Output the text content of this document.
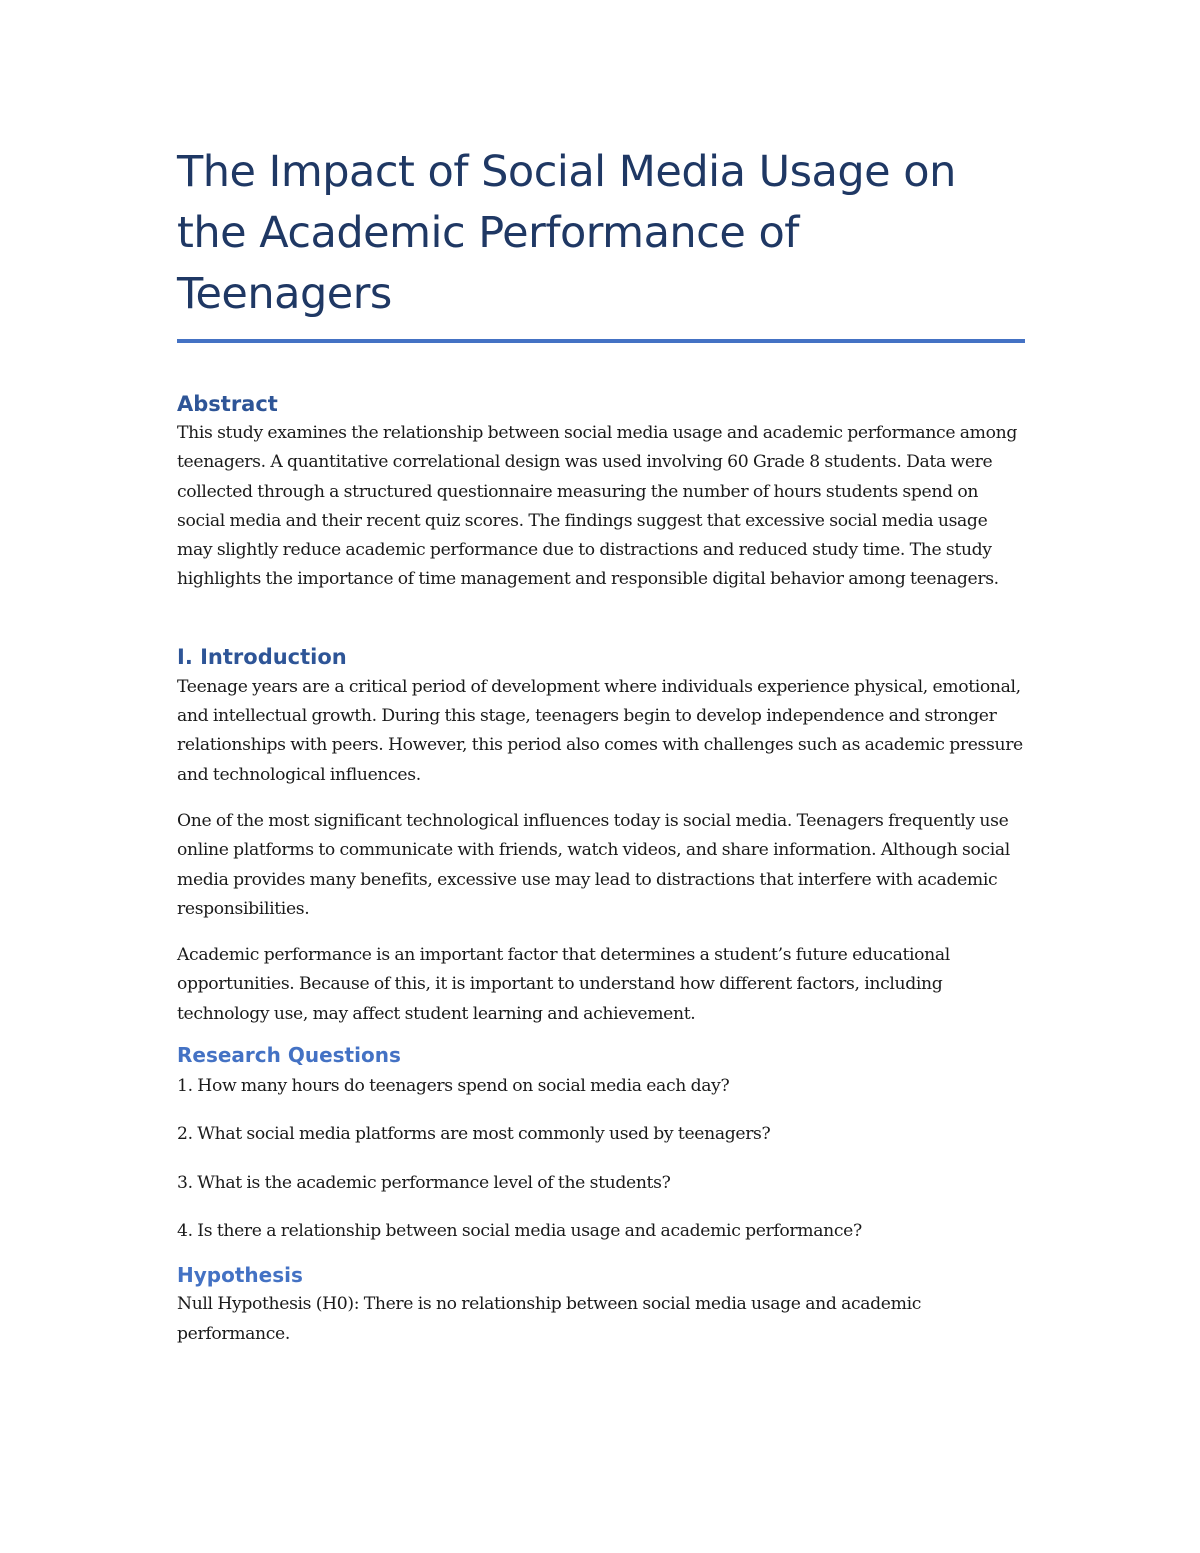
The Impact of Social Media Usage on
the Academic Performance of
Teenagers
Abstract

This study examines the relationship between social media usage and academic performance among teenagers. A quantitative correlational design was used involving 60 Grade 8 students. Data were collected through a structured questionnaire measuring the number of hours students spend on social media and their recent quiz scores. The findings suggest that excessive social media usage may slightly reduce academic performance due to distractions and reduced study time. The study highlights the importance of time management and responsible digital behavior among teenagers.

I. Introduction

Teenage years are a critical period of development where individuals experience physical, emotional, and intellectual growth. During this stage, teenagers begin to develop independence and stronger relationships with peers. However, this period also comes with challenges such as academic pressure and technological influences.

One of the most significant technological influences today is social media. Teenagers frequently use online platforms to communicate with friends, watch videos, and share information. Although social media provides many benefits, excessive use may lead to distractions that interfere with academic responsibilities.

Academic performance is an important factor that determines a student’s future educational opportunities. Because of this, it is important to understand how different factors, including technology use, may affect student learning and achievement.

Research Questions
1. How many hours do teenagers spend on social media each day?
2. What social media platforms are most commonly used by teenagers?
3. What is the academic performance level of the students?
4. Is there a relationship between social media usage and academic performance?
Hypothesis

Null Hypothesis (H0): There is no relationship between social media usage and academic performance.
